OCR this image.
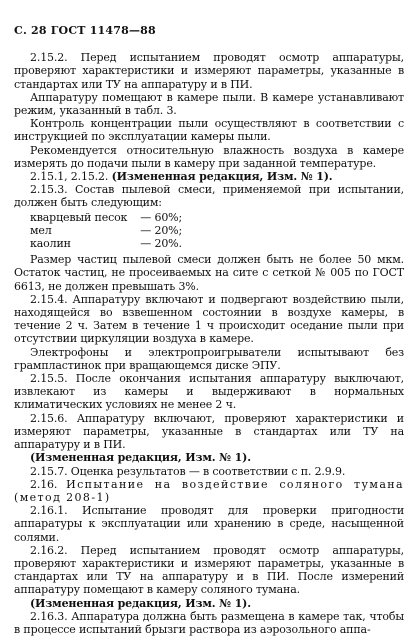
С. 28 ГОСТ 11478—88

2.15.2. Перед испытанием проводят осмотр аппаратуры, проверяют характеристики и измеряют параметры, указанные в стандартах или ТУ на аппаратуру и в ПИ.

Аппаратуру помещают в камере пыли. В камере устанавливают режим, указанный в табл. 3.

Контроль концентрации пыли осуществляют в соответствии с инструкцией по эксплуатации камеры пыли.

Рекомендуется относительную влажность воздуха в камере измерять до подачи пыли в камеру при заданной температуре.

2.15.1, 2.15.2. (Измененная редакция, Изм. № 1).

2.15.3. Состав пылевой смеси, применяемой при испытании, должен быть следующим:

кварцевый песок	— 60%;
мел	— 20%;
каолин	— 20%.

Размер частиц пылевой смеси должен быть не более 50 мкм. Остаток частиц, не просеиваемых на сите с сеткой № 005 по ГОСТ 6613, не должен превышать 3%.

2.15.4. Аппаратуру включают и подвергают воздействию пыли, находящейся во взвешенном состоянии в воздухе камеры, в течение 2 ч. Затем в течение 1 ч происходит оседание пыли при отсутствии циркуляции воздуха в камере.

Электрофоны и электропроигрыватели испытывают без грампластинок при вращающемся диске ЭПУ.

2.15.5. После окончания испытания аппаратуру выключают, извлекают из камеры и выдерживают в нормальных климатических условиях не менее 2 ч.

2.15.6. Аппаратуру включают, проверяют характеристики и измеряют параметры, указанные в стандартах или ТУ на аппаратуру и в ПИ.

(Измененная редакция, Изм. № 1).

2.15.7. Оценка результатов — в соответствии с п. 2.9.9.

2.16. Испытание на воздействие соляного тумана (метод 208-1)

2.16.1. Испытание проводят для проверки пригодности аппаратуры к эксплуатации или хранению в среде, насыщенной солями.

2.16.2. Перед испытанием проводят осмотр аппаратуры, проверяют характеристики и измеряют параметры, указанные в стандартах или ТУ на аппаратуру и в ПИ. После измерений аппаратуру помещают в камеру соляного тумана.

(Измененная редакция, Изм. № 1).

2.16.3. Аппаратура должна быть размещена в камере так, чтобы в процессе испытаний брызги раствора из аэрозольного аппа-
